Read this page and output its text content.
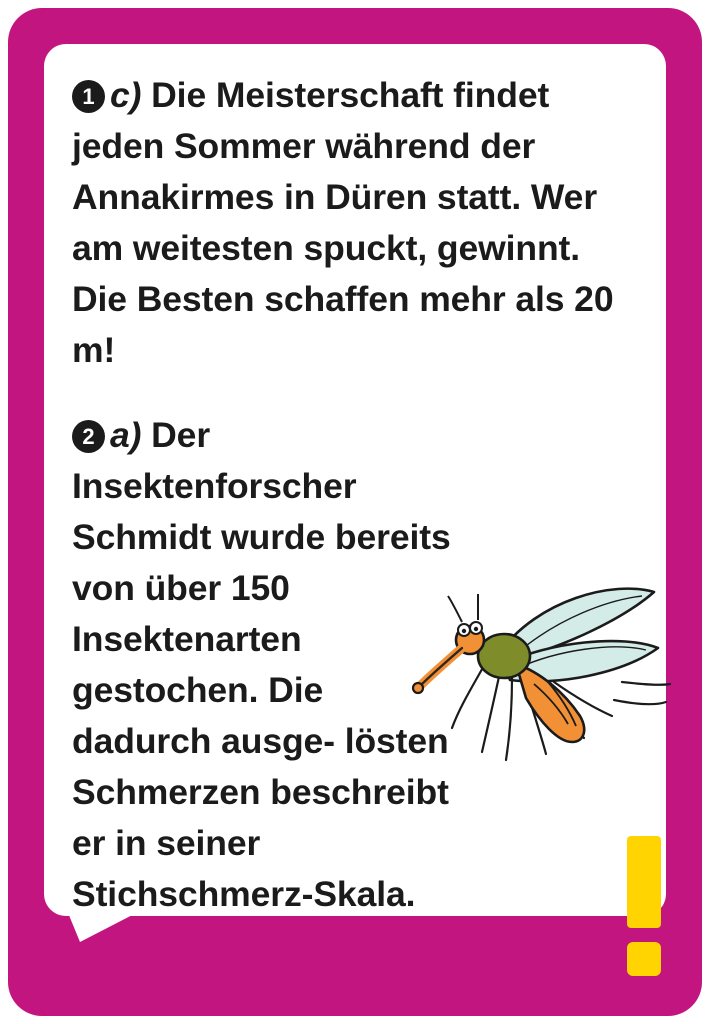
1 c) Die Meisterschaft findet jeden Sommer während der Annakirmes in Düren statt. Wer am weitesten spuckt, gewinnt. Die Besten schaffen mehr als 20 m!

2 a) Der Insektenforscher Schmidt wurde bereits von über 150 Insektenarten gestochen. Die dadurch ausge- lösten Schmerzen beschreibt er in seiner Stichschmerz-Skala.
